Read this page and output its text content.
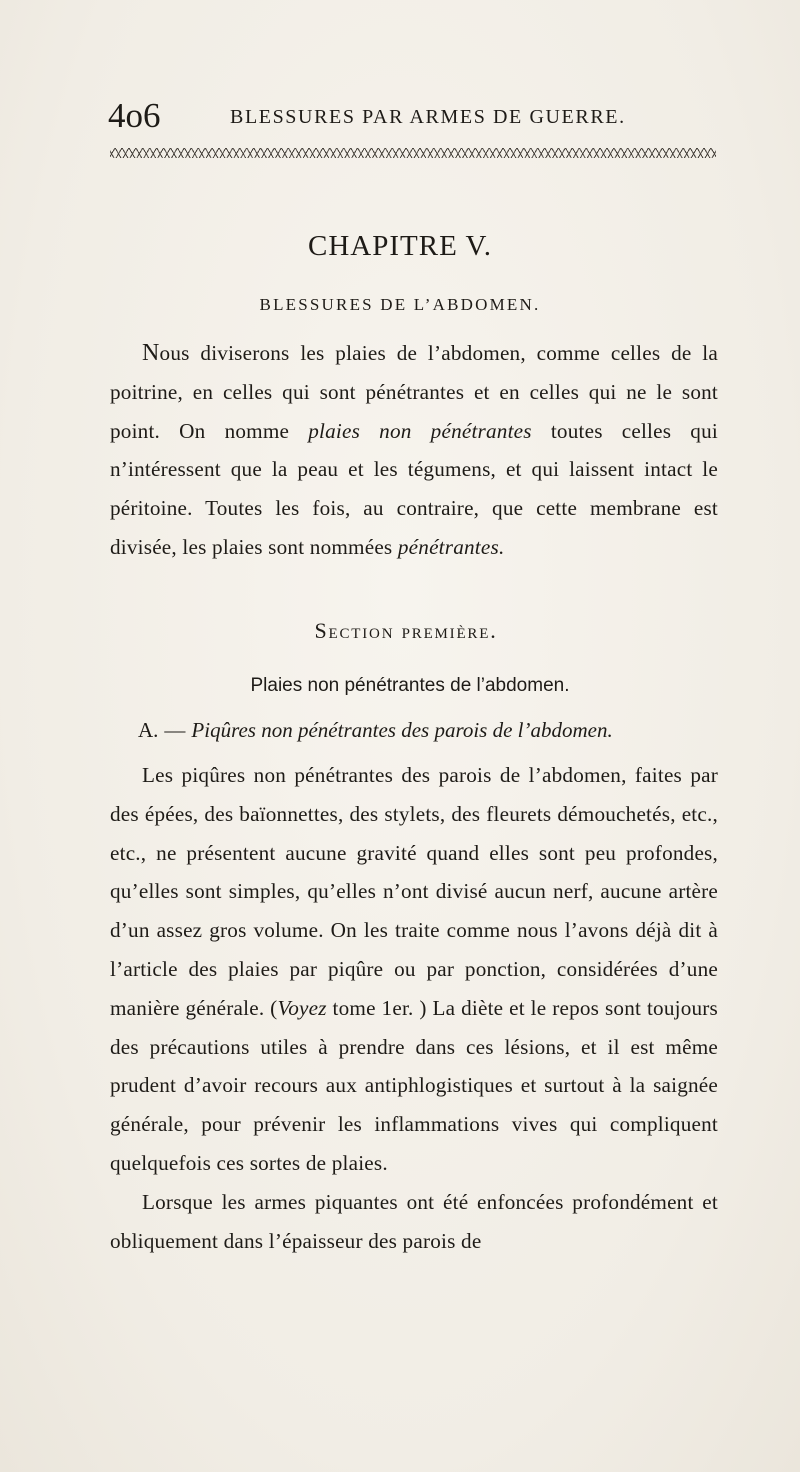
4o6	BLESSURES PAR ARMES DE GUERRE.
CHAPITRE V.
BLESSURES DE L’ABDOMEN.

Nous diviserons les plaies de l’abdomen, comme celles de la poitrine, en celles qui sont pénétrantes et en celles qui ne le sont point. On nomme plaies non pénétrantes toutes celles qui n’intéressent que la peau et les tégumens, et qui laissent intact le péritoine. Toutes les fois, au contraire, que cette membrane est divisée, les plaies sont nommées pénétrantes.

Section première.
Plaies non pénétrantes de l’abdomen.
A. — Piqûres non pénétrantes des parois de l’abdomen.

Les piqûres non pénétrantes des parois de l’abdomen, faites par des épées, des baïonnettes, des stylets, des fleurets démouchetés, etc., etc., ne présentent aucune gravité quand elles sont peu profondes, qu’elles sont simples, qu’elles n’ont divisé aucun nerf, aucune artère d’un assez gros volume. On les traite comme nous l’avons déjà dit à l’article des plaies par piqûre ou par ponction, considérées d’une manière générale. (Voyez tome 1er. ) La diète et le repos sont toujours des précautions utiles à prendre dans ces lésions, et il est même prudent d’avoir recours aux antiphlogistiques et surtout à la saignée générale, pour prévenir les inflammations vives qui compliquent quelquefois ces sortes de plaies.
Lorsque les armes piquantes ont été enfoncées profondément et obliquement dans l’épaisseur des parois de
